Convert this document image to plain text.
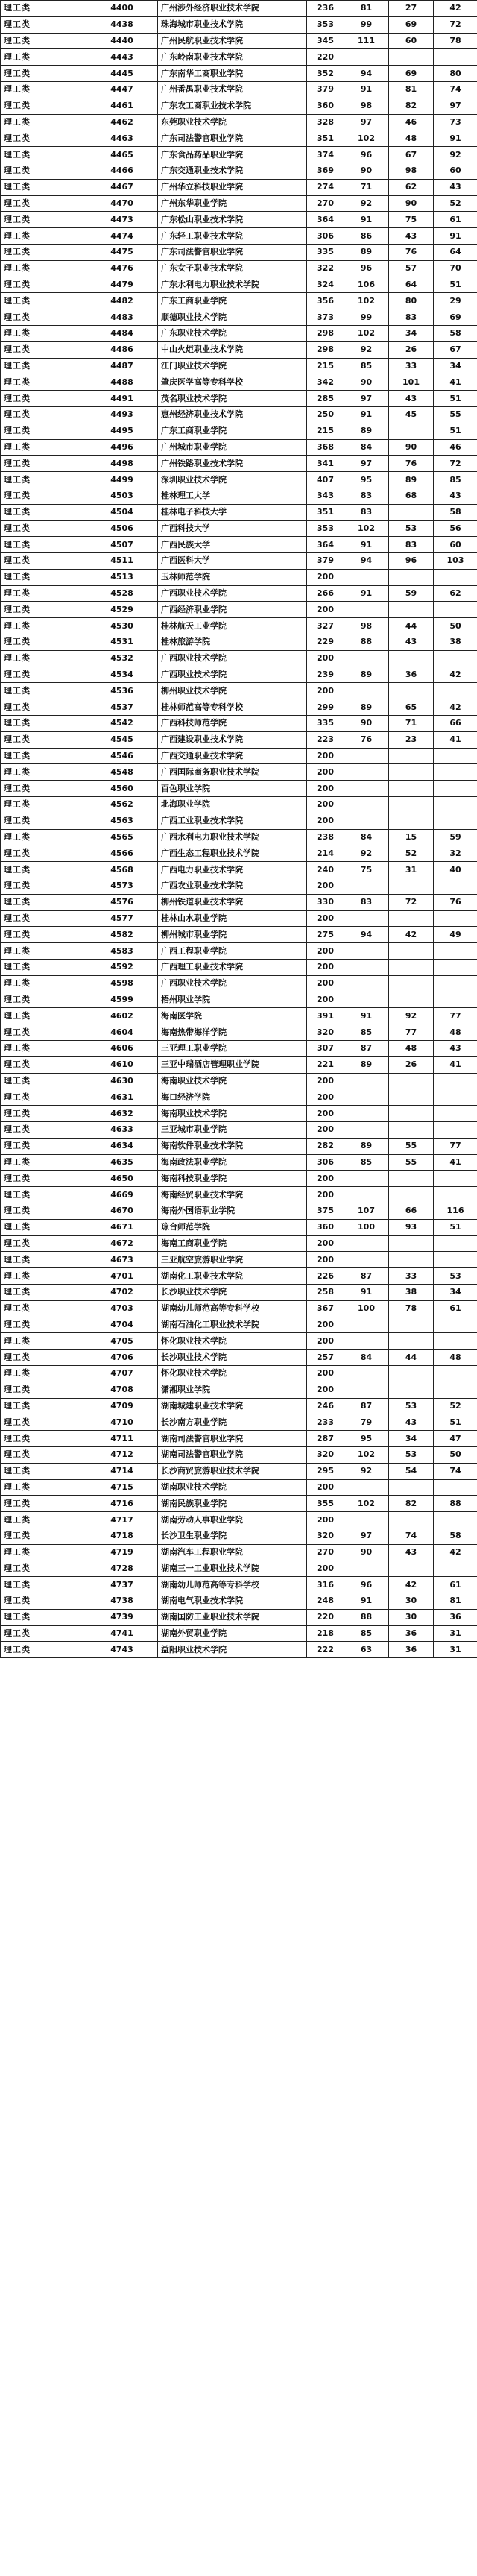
理工类	4400	广州涉外经济职业技术学院	236	81	27	42
理工类	4438	珠海城市职业技术学院	353	99	69	72
理工类	4440	广州民航职业技术学院	345	111	60	78
理工类	4443	广东岭南职业技术学院	220			
理工类	4445	广东南华工商职业学院	352	94	69	80
理工类	4447	广州番禺职业技术学院	379	91	81	74
理工类	4461	广东农工商职业技术学院	360	98	82	97
理工类	4462	东莞职业技术学院	328	97	46	73
理工类	4463	广东司法警官职业学院	351	102	48	91
理工类	4465	广东食品药品职业学院	374	96	67	92
理工类	4466	广东交通职业技术学院	369	90	98	60
理工类	4467	广州华立科技职业学院	274	71	62	43
理工类	4470	广州东华职业学院	270	92	90	52
理工类	4473	广东松山职业技术学院	364	91	75	61
理工类	4474	广东轻工职业技术学院	306	86	43	91
理工类	4475	广东司法警官职业学院	335	89	76	64
理工类	4476	广东女子职业技术学院	322	96	57	70
理工类	4479	广东水利电力职业技术学院	324	106	64	51
理工类	4482	广东工商职业学院	356	102	80	29
理工类	4483	顺德职业技术学院	373	99	83	69
理工类	4484	广东职业技术学院	298	102	34	58
理工类	4486	中山火炬职业技术学院	298	92	26	67
理工类	4487	江门职业技术学院	215	85	33	34
理工类	4488	肇庆医学高等专科学校	342	90	101	41
理工类	4491	茂名职业技术学院	285	97	43	51
理工类	4493	惠州经济职业技术学院	250	91	45	55
理工类	4495	广东工商职业学院	215	89		51
理工类	4496	广州城市职业学院	368	84	90	46
理工类	4498	广州铁路职业技术学院	341	97	76	72
理工类	4499	深圳职业技术学院	407	95	89	85
理工类	4503	桂林理工大学	343	83	68	43
理工类	4504	桂林电子科技大学	351	83		58
理工类	4506	广西科技大学	353	102	53	56
理工类	4507	广西民族大学	364	91	83	60
理工类	4511	广西医科大学	379	94	96	103
理工类	4513	玉林师范学院	200			
理工类	4528	广西职业技术学院	266	91	59	62
理工类	4529	广西经济职业学院	200			
理工类	4530	桂林航天工业学院	327	98	44	50
理工类	4531	桂林旅游学院	229	88	43	38
理工类	4532	广西职业技术学院	200			
理工类	4534	广西职业技术学院	239	89	36	42
理工类	4536	柳州职业技术学院	200			
理工类	4537	桂林师范高等专科学校	299	89	65	42
理工类	4542	广西科技师范学院	335	90	71	66
理工类	4545	广西建设职业技术学院	223	76	23	41
理工类	4546	广西交通职业技术学院	200			
理工类	4548	广西国际商务职业技术学院	200			
理工类	4560	百色职业学院	200			
理工类	4562	北海职业学院	200			
理工类	4563	广西工业职业技术学院	200			
理工类	4565	广西水利电力职业技术学院	238	84	15	59
理工类	4566	广西生态工程职业技术学院	214	92	52	32
理工类	4568	广西电力职业技术学院	240	75	31	40
理工类	4573	广西农业职业技术学院	200			
理工类	4576	柳州铁道职业技术学院	330	83	72	76
理工类	4577	桂林山水职业学院	200			
理工类	4582	柳州城市职业学院	275	94	42	49
理工类	4583	广西工程职业学院	200			
理工类	4592	广西理工职业技术学院	200			
理工类	4598	广西职业技术学院	200			
理工类	4599	梧州职业学院	200			
理工类	4602	海南医学院	391	91	92	77
理工类	4604	海南热带海洋学院	320	85	77	48
理工类	4606	三亚理工职业学院	307	87	48	43
理工类	4610	三亚中瑞酒店管理职业学院	221	89	26	41
理工类	4630	海南职业技术学院	200			
理工类	4631	海口经济学院	200			
理工类	4632	海南职业技术学院	200			
理工类	4633	三亚城市职业学院	200			
理工类	4634	海南软件职业技术学院	282	89	55	77
理工类	4635	海南政法职业学院	306	85	55	41
理工类	4650	海南科技职业学院	200			
理工类	4669	海南经贸职业技术学院	200			
理工类	4670	海南外国语职业学院	375	107	66	116
理工类	4671	琼台师范学院	360	100	93	51
理工类	4672	海南工商职业学院	200			
理工类	4673	三亚航空旅游职业学院	200			
理工类	4701	湖南化工职业技术学院	226	87	33	53
理工类	4702	长沙职业技术学院	258	91	38	34
理工类	4703	湖南幼儿师范高等专科学校	367	100	78	61
理工类	4704	湖南石油化工职业技术学院	200			
理工类	4705	怀化职业技术学院	200			
理工类	4706	长沙职业技术学院	257	84	44	48
理工类	4707	怀化职业技术学院	200			
理工类	4708	潇湘职业学院	200			
理工类	4709	湖南城建职业技术学院	246	87	53	52
理工类	4710	长沙南方职业学院	233	79	43	51
理工类	4711	湖南司法警官职业学院	287	95	34	47
理工类	4712	湖南司法警官职业学院	320	102	53	50
理工类	4714	长沙商贸旅游职业技术学院	295	92	54	74
理工类	4715	湖南职业技术学院	200			
理工类	4716	湖南民族职业学院	355	102	82	88
理工类	4717	湖南劳动人事职业学院	200			
理工类	4718	长沙卫生职业学院	320	97	74	58
理工类	4719	湖南汽车工程职业学院	270	90	43	42
理工类	4728	湖南三一工业职业技术学院	200			
理工类	4737	湖南幼儿师范高等专科学校	316	96	42	61
理工类	4738	湖南电气职业技术学院	248	91	30	81
理工类	4739	湖南国防工业职业技术学院	220	88	30	36
理工类	4741	湖南外贸职业学院	218	85	36	31
理工类	4743	益阳职业技术学院	222	63	36	31
